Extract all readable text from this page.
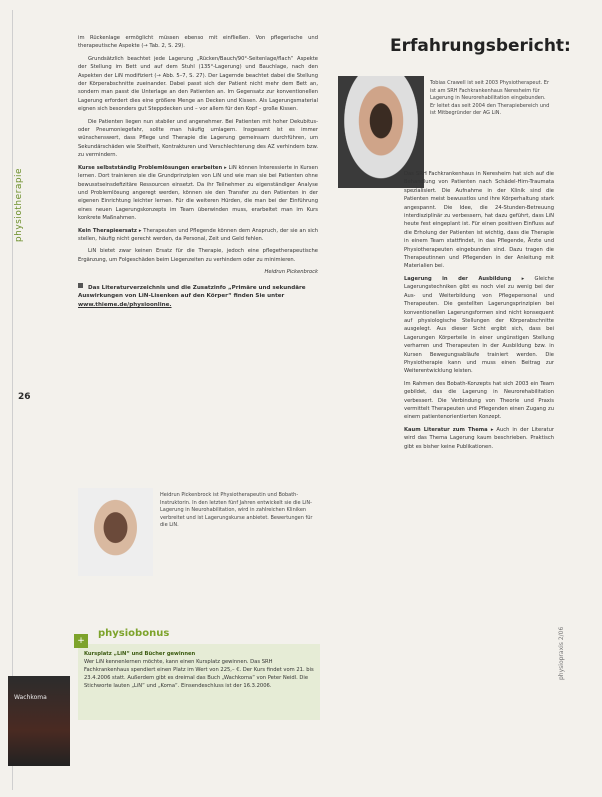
physiotherapie
26
physiopraxis 2/06

im Rückenlage ermöglicht müssen ebenso mit einfließen. Von pflegerische und therapeutische Aspekte (→ Tab. 2, S. 29).

Grundsätzlich beachtet jede Lagerung „Rücken/Bauch/90°-Seitenlage/flach“ Aspekte der Stellung im Bett und auf dem Stuhl (135°-Lagerung) und Bauchlage, nach den Aspekten der LiN modifiziert (→ Abb. 5–7, S. 27). Der Lagernde beachtet dabei die Stellung der Körperabschnitte zueinander. Dabei passt sich der Patient nicht mehr dem Bett an, sondern man passt die Unterlage an den Patienten an. Im Gegensatz zur konventionellen Lagerung erfordert dies eine größere Menge an Decken und Kissen. Als Lagerungsmaterial eignen sich besonders gut Steppdecken und – vor allem für den Kopf – große Kissen.

Die Patienten liegen nun stabiler und angenehmer. Bei Patienten mit hoher Dekubitus- oder Pneumoniegefahr, sollte man häufig umlagern. Insgesamt ist es immer wünschenswert, dass Pflege und Therapie die Lagerung gemeinsam durchführen, um Sekundärschäden wie Steifheit, Kontrakturen und Verschlechterung des AZ verhindern bzw. zu vermindern.

Kurse selbstständig Problemlösungen erarbeiten ▸ LiN können Interessierte in Kursen lernen. Dort trainieren sie die Grundprinzipien von LiN und wie man sie bei Patienten ohne bewusstseinsdefizitäre Ressourcen einsetzt. Da ihr Teilnehmer zu eigenständiger Analyse und Problemlösung angeregt werden, können sie den Transfer zu den Patienten in der eigenen Einrichtung leichter lernen. Für die weiteren Hürden, die man bei der Einführung eines neuen Lagerungskonzepts im Team überwinden muss, erarbeitet man im Kurs konkrete Maßnahmen.

Kein Therapieersatz ▸ Therapeuten und Pflegende können dem Anspruch, der sie an sich stellen, häufig nicht gerecht werden, da Personal, Zeit und Geld fehlen.

LiN bietet zwar keinen Ersatz für die Therapie, jedoch eine pflegetherapeutische Ergänzung, um Folgeschäden beim Liegenzeiten zu verhindern oder zu minimieren.

Heidrun Pickenbrock
Das Literaturverzeichnis und die Zusatzinfo „Primäre und sekundäre Auswirkungen von LiN-Lisenken auf den Körper“ finden Sie unter www.thieme.de/physioonline.
Heidrun Pickenbrock ist Physiotherapeutin und Bobath-Instruktorin. In den letzten fünf Jahren entwickelt sie die LiN-Lagerung in Neurohabilitation, wird in zahlreichen Kliniken verbreitet und ist Lagerungskurse anbietet. Bewertungen für die LiN.
physiobonus
+
Kursplatz „LiN“ und Bücher gewinnen
Wer LiN kennenlernen möchte, kann einen Kursplatz gewinnen. Das SRH Fachkrankenhaus spendiert einen Platz im Wert von 225,– €. Der Kurs findet vom 21. bis 23.4.2006 statt. Außerdem gibt es dreimal das Buch „Wachkoma“ von Peter Neidl. Die Stichworte lauten „LiN“ und „Koma“. Einsendeschluss ist der 16.3.2006.
Wachkoma
Erfahrungsbericht:
Tobias Crawell ist seit 2003 Physiotherapeut. Er ist am SRH Fachkrankenhaus Neresheim für Lagerung in Neurorehabilitation eingebunden. Er leitet das seit 2004 den Therapiebereich und ist Mitbegründer der AG LiN.

Das SRH Fachkrankenhaus in Neresheim hat sich auf die Behandlung von Patienten nach Schädel-Hirn-Traumata spezialisiert. Die Aufnahme in der Klinik sind die Patienten meist bewusstlos und ihre Körperhaltung stark angespannt. Die Idee, die 24-Stunden-Betreuung interdisziplinär zu verbessern, hat dazu geführt, dass LiN heute fest eingeplant ist. Für einen positiven Einfluss auf die Erholung der Patienten ist wichtig, dass die Therapie in einem Team stattfindet, in das Pflegende, Ärzte und Physiotherapeuten eingebunden sind. Dazu tragen die Therapeutinnen und Pflegenden in der Anleitung mit Materialien bei.

Lagerung in der Ausbildung ▸ Gleiche Lagerungstechniken gibt es noch viel zu wenig bei der Aus- und Weiterbildung von Pflegepersonal und Therapeuten. Die gestellten Lagerungsprinzipien bei konventionellen Lagerungsformen sind nicht konsequent auf physiologische Stellungen der Körperabschnitte ausgelegt. Aus dieser Sicht ergibt sich, dass bei Lagerungen Körperteile in einer ungünstigen Stellung verharren und Therapeuten in der Ausbildung bzw. in Kursen Bewegungsabläufe trainiert werden. Die Physiotherapie kann und muss einen Beitrag zur Weiterentwicklung leisten.

Im Rahmen des Bobath-Konzepts hat sich 2003 ein Team gebildet, das die Lagerung in Neurorehabilitation verbessert. Die Verbindung von Theorie und Praxis vermittelt Therapeuten und Pflegenden einen Zugang zu einem patientenorientierten Konzept.

Kaum Literatur zum Thema ▸ Auch in der Literatur wird das Thema Lagerung kaum beschrieben. Praktisch gibt es bisher keine Publikationen.
